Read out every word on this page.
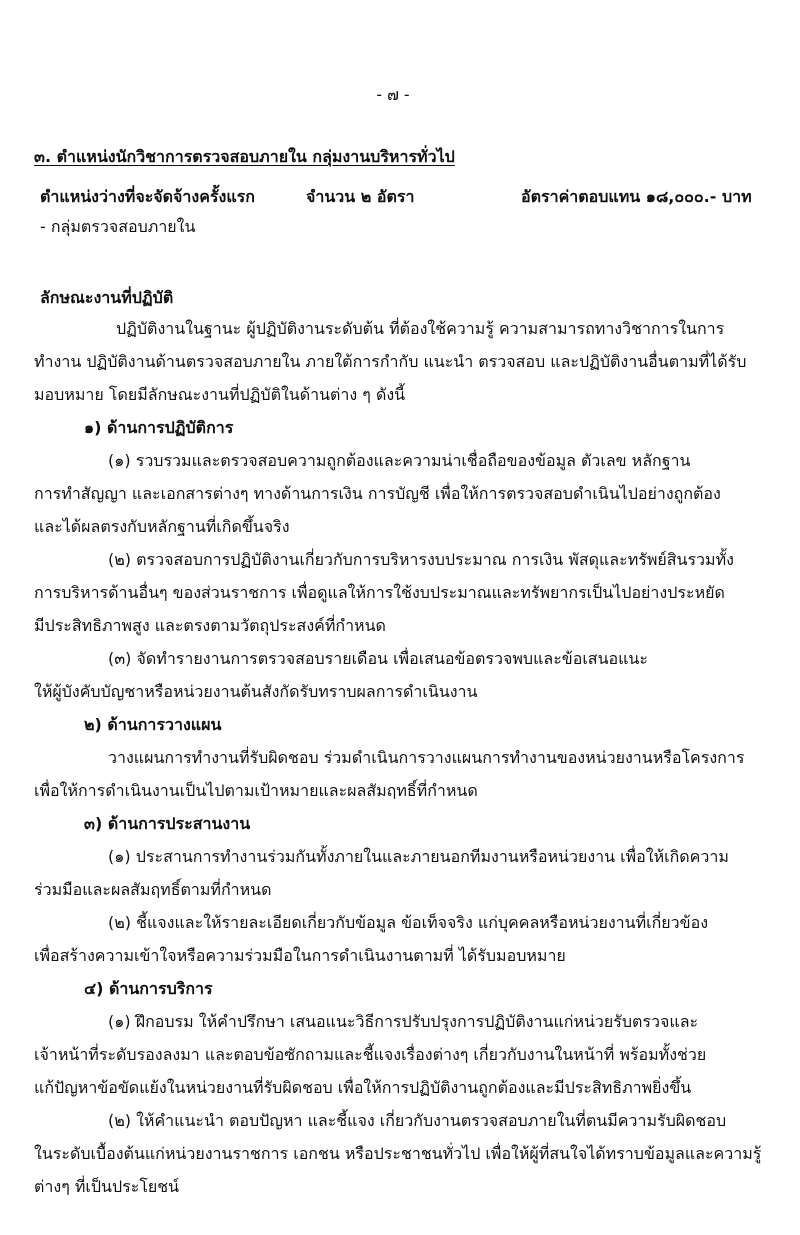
- ๗ -
๓. ตำแหน่งนักวิชาการตรวจสอบภายใน กลุ่มงานบริหารทั่วไป
ตำแหน่งว่างที่จะจัดจ้างครั้งแรก	จำนวน ๒ อัตรา	อัตราค่าตอบแทน ๑๘,๐๐๐.- บาท
- กลุ่มตรวจสอบภายใน
ลักษณะงานที่ปฏิบัติ
ปฏิบัติงานในฐานะ ผู้ปฏิบัติงานระดับต้น ที่ต้องใช้ความรู้ ความสามารถทางวิชาการในการ
ทำงาน ปฏิบัติงานด้านตรวจสอบภายใน ภายใต้การกำกับ แนะนำ ตรวจสอบ และปฏิบัติงานอื่นตามที่ได้รับ
มอบหมาย โดยมีลักษณะงานที่ปฏิบัติในด้านต่าง ๆ ดังนี้
๑) ด้านการปฏิบัติการ
(๑) รวบรวมและตรวจสอบความถูกต้องและความน่าเชื่อถือของข้อมูล ตัวเลข หลักฐาน
การทำสัญญา และเอกสารต่างๆ ทางด้านการเงิน การบัญชี เพื่อให้การตรวจสอบดำเนินไปอย่างถูกต้อง
และได้ผลตรงกับหลักฐานที่เกิดขึ้นจริง
(๒) ตรวจสอบการปฏิบัติงานเกี่ยวกับการบริหารงบประมาณ การเงิน พัสดุและทรัพย์สินรวมทั้ง
การบริหารด้านอื่นๆ ของส่วนราชการ เพื่อดูแลให้การใช้งบประมาณและทรัพยากรเป็นไปอย่างประหยัด
มีประสิทธิภาพสูง และตรงตามวัตถุประสงค์ที่กำหนด
(๓) จัดทำรายงานการตรวจสอบรายเดือน เพื่อเสนอข้อตรวจพบและข้อเสนอแนะ
ให้ผู้บังคับบัญชาหรือหน่วยงานต้นสังกัดรับทราบผลการดำเนินงาน
๒) ด้านการวางแผน
วางแผนการทำงานที่รับผิดชอบ ร่วมดำเนินการวางแผนการทำงานของหน่วยงานหรือโครงการ
เพื่อให้การดำเนินงานเป็นไปตามเป้าหมายและผลสัมฤทธิ์ที่กำหนด
๓) ด้านการประสานงาน
(๑) ประสานการทำงานร่วมกันทั้งภายในและภายนอกทีมงานหรือหน่วยงาน เพื่อให้เกิดความ
ร่วมมือและผลสัมฤทธิ์ตามที่กำหนด
(๒) ชี้แจงและให้รายละเอียดเกี่ยวกับข้อมูล ข้อเท็จจริง แก่บุคคลหรือหน่วยงานที่เกี่ยวข้อง
เพื่อสร้างความเข้าใจหรือความร่วมมือในการดำเนินงานตามที่ ได้รับมอบหมาย
๔) ด้านการบริการ
(๑) ฝึกอบรม ให้คำปรึกษา เสนอแนะวิธีการปรับปรุงการปฏิบัติงานแก่หน่วยรับตรวจและ
เจ้าหน้าที่ระดับรองลงมา และตอบข้อซักถามและชี้แจงเรื่องต่างๆ เกี่ยวกับงานในหน้าที่ พร้อมทั้งช่วย
แก้ปัญหาข้อขัดแย้งในหน่วยงานที่รับผิดชอบ เพื่อให้การปฏิบัติงานถูกต้องและมีประสิทธิภาพยิ่งขึ้น
(๒) ให้คำแนะนำ ตอบปัญหา และชี้แจง เกี่ยวกับงานตรวจสอบภายในที่ตนมีความรับผิดชอบ
ในระดับเบื้องต้นแก่หน่วยงานราชการ เอกชน หรือประชาชนทั่วไป เพื่อให้ผู้ที่สนใจได้ทราบข้อมูลและความรู้
ต่างๆ ที่เป็นประโยชน์
